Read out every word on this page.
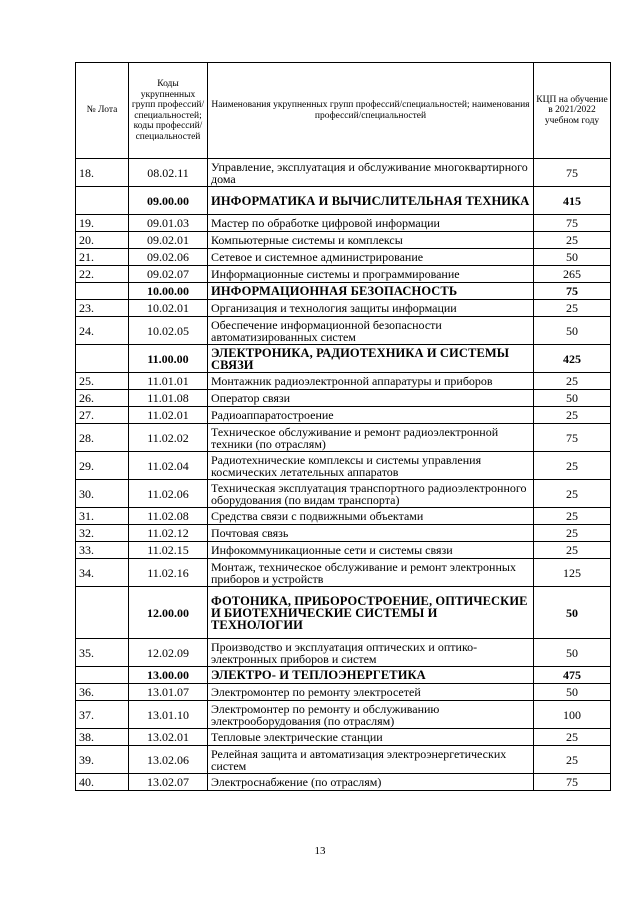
№ Лота	Коды укрупненных групп профессий/ специальностей; коды профессий/ специальностей	Наименования укрупненных групп профессий/специальностей; наименования профессий/специальностей	КЦП на обучение в 2021/2022 учебном году
18.	08.02.11	Управление, эксплуатация и обслуживание многоквартирного дома	75
	09.00.00	ИНФОРМАТИКА И ВЫЧИСЛИТЕЛЬНАЯ ТЕХНИКА	415
19.	09.01.03	Мастер по обработке цифровой информации	75
20.	09.02.01	Компьютерные системы и комплексы	25
21.	09.02.06	Сетевое и системное администрирование	50
22.	09.02.07	Информационные системы и программирование	265
	10.00.00	ИНФОРМАЦИОННАЯ БЕЗОПАСНОСТЬ	75
23.	10.02.01	Организация и технология защиты информации	25
24.	10.02.05	Обеспечение информационной безопасности автоматизированных систем	50
	11.00.00	ЭЛЕКТРОНИКА, РАДИОТЕХНИКА И СИСТЕМЫ СВЯЗИ	425
25.	11.01.01	Монтажник радиоэлектронной аппаратуры и приборов	25
26.	11.01.08	Оператор связи	50
27.	11.02.01	Радиоаппаратостроение	25
28.	11.02.02	Техническое обслуживание и ремонт радиоэлектронной техники (по отраслям)	75
29.	11.02.04	Радиотехнические комплексы и системы управления космических летательных аппаратов	25
30.	11.02.06	Техническая эксплуатация транспортного радиоэлектронного оборудования (по видам транспорта)	25
31.	11.02.08	Средства связи с подвижными объектами	25
32.	11.02.12	Почтовая связь	25
33.	11.02.15	Инфокоммуникационные сети и системы связи	25
34.	11.02.16	Монтаж, техническое обслуживание и ремонт электронных приборов и устройств	125
	12.00.00	ФОТОНИКА, ПРИБОРОСТРОЕНИЕ, ОПТИЧЕСКИЕ И БИОТЕХНИЧЕСКИЕ СИСТЕМЫ И ТЕХНОЛОГИИ	50
35.	12.02.09	Производство и эксплуатация оптических и оптико-электронных приборов и систем	50
	13.00.00	ЭЛЕКТРО- И ТЕПЛОЭНЕРГЕТИКА	475
36.	13.01.07	Электромонтер по ремонту электросетей	50
37.	13.01.10	Электромонтер по ремонту и обслуживанию электрооборудования (по отраслям)	100
38.	13.02.01	Тепловые электрические станции	25
39.	13.02.06	Релейная защита и автоматизация электроэнергетических систем	25
40.	13.02.07	Электроснабжение (по отраслям)	75
13
